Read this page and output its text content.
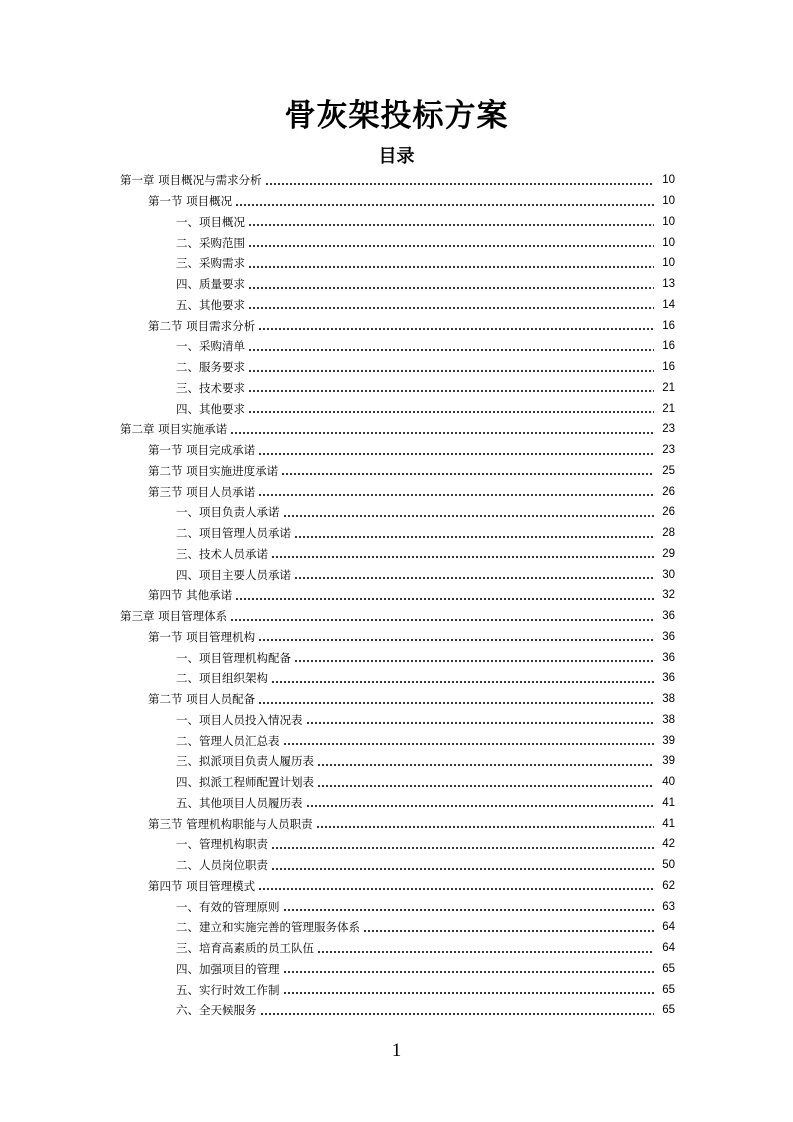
骨灰架投标方案
目录
第一章 项目概况与需求分析	10
第一节 项目概况	10
一、项目概况	10
二、采购范围	10
三、采购需求	10
四、质量要求	13
五、其他要求	14
第二节 项目需求分析	16
一、采购清单	16
二、服务要求	16
三、技术要求	21
四、其他要求	21
第二章 项目实施承诺	23
第一节 项目完成承诺	23
第二节 项目实施进度承诺	25
第三节 项目人员承诺	26
一、项目负责人承诺	26
二、项目管理人员承诺	28
三、技术人员承诺	29
四、项目主要人员承诺	30
第四节 其他承诺	32
第三章 项目管理体系	36
第一节 项目管理机构	36
一、项目管理机构配备	36
二、项目组织架构	36
第二节 项目人员配备	38
一、项目人员投入情况表	38
二、管理人员汇总表	39
三、拟派项目负责人履历表	39
四、拟派工程师配置计划表	40
五、其他项目人员履历表	41
第三节 管理机构职能与人员职责	41
一、管理机构职责	42
二、人员岗位职责	50
第四节 项目管理模式	62
一、有效的管理原则	63
二、建立和实施完善的管理服务体系	64
三、培育高素质的员工队伍	64
四、加强项目的管理	65
五、实行时效工作制	65
六、全天候服务	65
1
